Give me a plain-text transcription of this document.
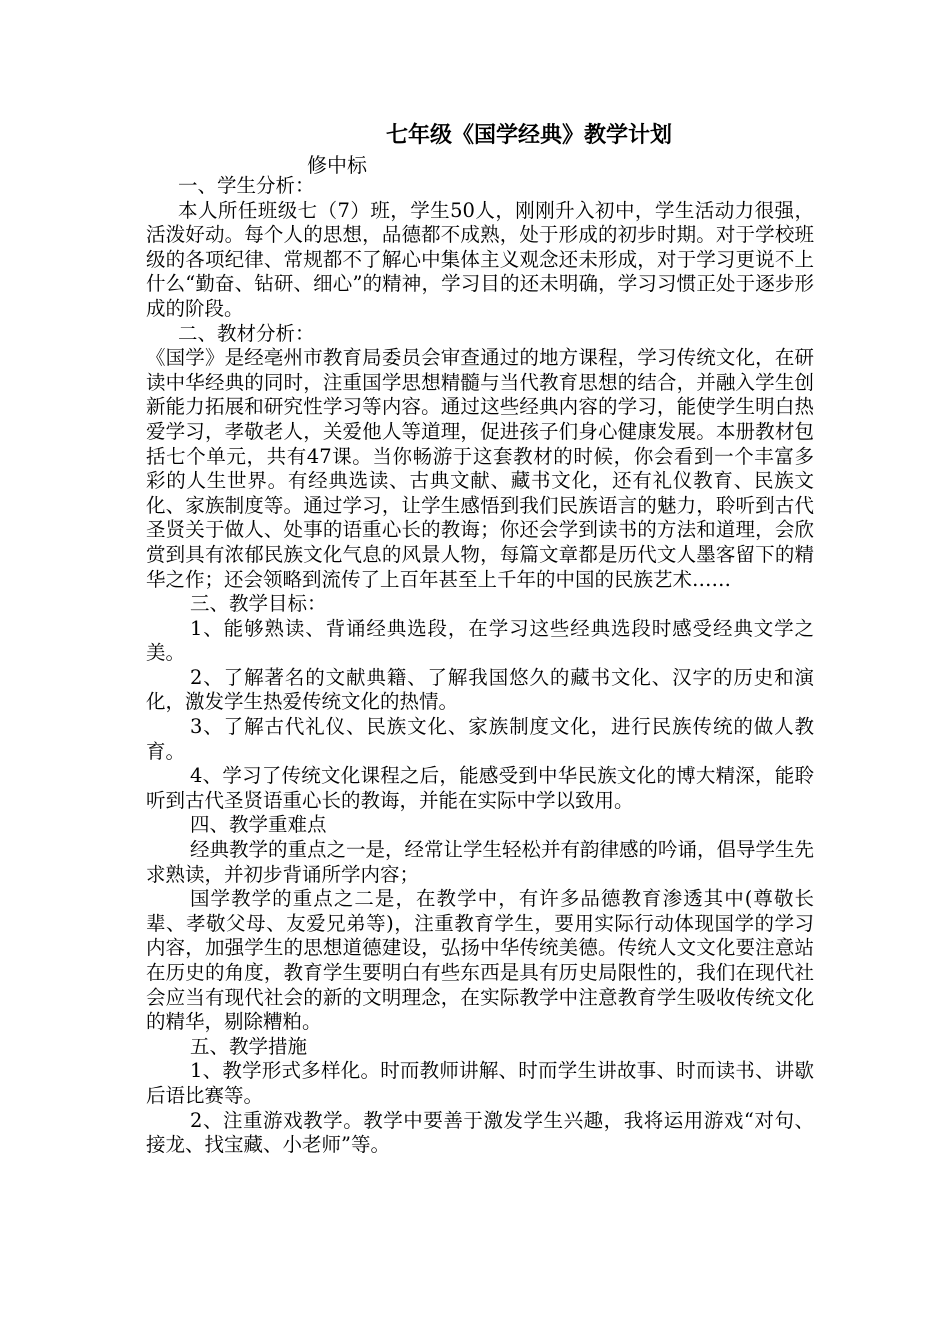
七年级《国学经典》教学计划
修中标

一、学生分析：

本人所任班级七（7）班，学生50人，刚刚升入初中，学生活动力很强，活泼好动。每个人的思想，品德都不成熟，处于形成的初步时期。对于学校班级的各项纪律、常规都不了解心中集体主义观念还未形成，对于学习更说不上什么“勤奋、钻研、细心”的精神，学习目的还未明确，学习习惯正处于逐步形成的阶段。

二、教材分析：

《国学》是经亳州市教育局委员会审查通过的地方课程，学习传统文化，在研读中华经典的同时，注重国学思想精髓与当代教育思想的结合，并融入学生创新能力拓展和研究性学习等内容。通过这些经典内容的学习，能使学生明白热爱学习，孝敬老人，关爱他人等道理，促进孩子们身心健康发展。本册教材包括七个单元，共有47课。当你畅游于这套教材的时候，你会看到一个丰富多彩的人生世界。有经典选读、古典文献、藏书文化，还有礼仪教育、民族文化、家族制度等。通过学习，让学生感悟到我们民族语言的魅力，聆听到古代圣贤关于做人、处事的语重心长的教诲；你还会学到读书的方法和道理，会欣赏到具有浓郁民族文化气息的风景人物，每篇文章都是历代文人墨客留下的精华之作；还会领略到流传了上百年甚至上千年的中国的民族艺术……

三、教学目标：

1、能够熟读、背诵经典选段，在学习这些经典选段时感受经典文学之美。

2、了解著名的文献典籍、了解我国悠久的藏书文化、汉字的历史和演化，激发学生热爱传统文化的热情。

3、了解古代礼仪、民族文化、家族制度文化，进行民族传统的做人教育。

4、学习了传统文化课程之后，能感受到中华民族文化的博大精深，能聆听到古代圣贤语重心长的教诲，并能在实际中学以致用。

四、教学重难点

经典教学的重点之一是，经常让学生轻松并有韵律感的吟诵，倡导学生先求熟读，并初步背诵所学内容；

国学教学的重点之二是，在教学中，有许多品德教育渗透其中(尊敬长辈、孝敬父母、友爱兄弟等)，注重教育学生，要用实际行动体现国学的学习内容，加强学生的思想道德建设，弘扬中华传统美德。传统人文文化要注意站在历史的角度，教育学生要明白有些东西是具有历史局限性的，我们在现代社会应当有现代社会的新的文明理念，在实际教学中注意教育学生吸收传统文化的精华，剔除糟粕。

五、教学措施

1、教学形式多样化。时而教师讲解、时而学生讲故事、时而读书、讲歇后语比赛等。

2、注重游戏教学。教学中要善于激发学生兴趣，我将运用游戏“对句、接龙、找宝藏、小老师”等。
